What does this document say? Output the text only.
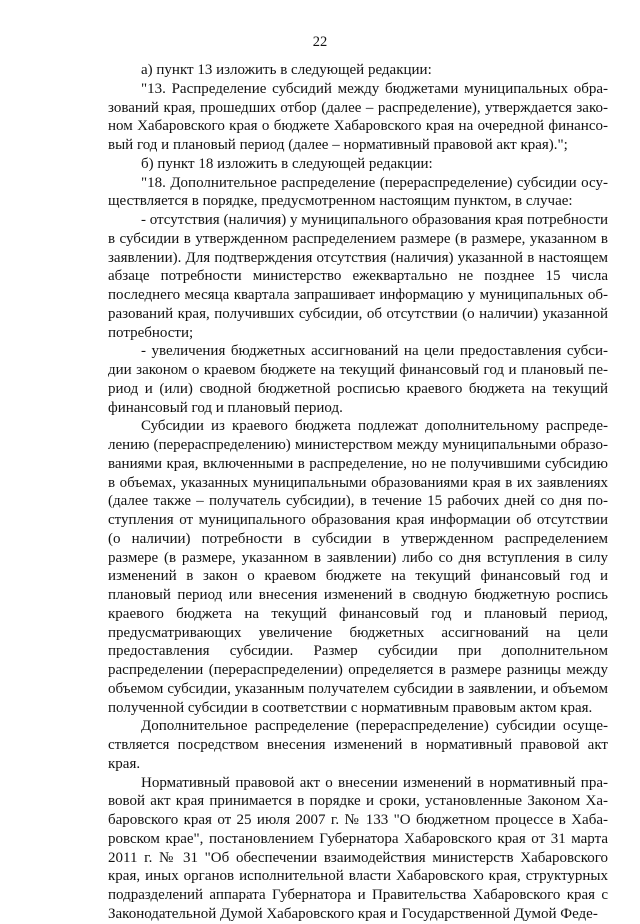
22

а) пункт 13 изложить в следующей редакции:

"13. Распределение субсидий между бюджетами муниципальных образований края, прошедших отбор (далее – распределение), утверждается законом Хабаровского края о бюджете Хабаровского края на очередной финансовый год и плановый период (далее – нормативный правовой акт края).";

б) пункт 18 изложить в следующей редакции:

"18. Дополнительное распределение (перераспределение) субсидии осуществляется в порядке, предусмотренном настоящим пунктом, в случае:

- отсутствия (наличия) у муниципального образования края потребности в субсидии в утвержденном распределением размере (в размере, указанном в заявлении). Для подтверждения отсутствия (наличия) указанной в настоящем абзаце потребности министерство ежеквартально не позднее 15 числа последнего месяца квартала запрашивает информацию у муниципальных образований края, получивших субсидии, об отсутствии (о наличии) указанной потребности;

- увеличения бюджетных ассигнований на цели предоставления субсидии законом о краевом бюджете на текущий финансовый год и плановый период и (или) сводной бюджетной росписью краевого бюджета на текущий финансовый год и плановый период.

Субсидии из краевого бюджета подлежат дополнительному распределению (перераспределению) министерством между муниципальными образованиями края, включенными в распределение, но не получившими субсидию в объемах, указанных муниципальными образованиями края в их заявлениях (далее также – получатель субсидии), в течение 15 рабочих дней со дня поступления от муниципального образования края информации об отсутствии (о наличии) потребности в субсидии в утвержденном распределением размере (в размере, указанном в заявлении) либо со дня вступления в силу изменений в закон о краевом бюджете на текущий финансовый год и плановый период или внесения изменений в сводную бюджетную роспись краевого бюджета на текущий финансовый год и плановый период, предусматривающих увеличение бюджетных ассигнований на цели предоставления субсидии. Размер субсидии при дополнительном распределении (перераспределении) определяется в размере разницы между объемом субсидии, указанным получателем субсидии в заявлении, и объемом полученной субсидии в соответствии с нормативным правовым актом края.

Дополнительное распределение (перераспределение) субсидии осуществляется посредством внесения изменений в нормативный правовой акт края.

Нормативный правовой акт о внесении изменений в нормативный правовой акт края принимается в порядке и сроки, установленные Законом Хабаровского края от 25 июля 2007 г. № 133 "О бюджетном процессе в Хабаровском крае", постановлением Губернатора Хабаровского края от 31 марта 2011 г. № 31 "Об обеспечении взаимодействия министерств Хабаровского края, иных органов исполнительной власти Хабаровского края, структурных подразделений аппарата Губернатора и Правительства Хабаровского края с Законодательной Думой Хабаровского края и Государственной Думой Феде-
